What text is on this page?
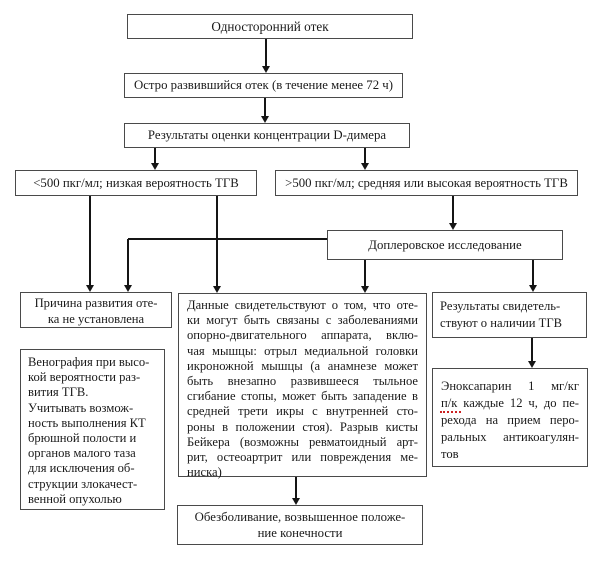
Односторонний отек
Остро развившийся отек (в течение менее 72 ч)
Результаты оценки концентрации D-димера
<500 пкг/мл; низкая вероятность ТГВ	>500 пкг/мл; средняя или высокая вероятность ТГВ
Доплеровское исследование
Причина развития оте-
ка не установлена
Венография при высо-
кой вероятности раз-
вития ТГВ.
Учитывать возмож-
ность выполнения КТ
брюшной полости и
органов малого таза
для исключения об-
струкции злокачест-
венной опухолью
Данные свидетельствуют о том, что оте-
ки могут быть связаны с заболеваниями
опорно-двигательного аппарата, вклю-
чая мышцы: отрыл медиальной головки
икроножной мышцы (а анамнезе может
быть внезапно развившееся тыльное
сгибание стопы, может быть западение в
средней трети икры с внутренней сто-
роны в положении стоя). Разрыв кисты
Бейкера (возможны ревматоидный арт-
рит, остеоартрит или повреждения ме-
ниска)
Результаты свидетель-
ствуют о наличии ТГВ
Эноксапарин 1 мг/кг
п/к каждые 12 ч, до пе-
рехода на прием перо-
ральных антикоагулян-
тов
Обезболивание, возвышенное положе-
ние конечности
